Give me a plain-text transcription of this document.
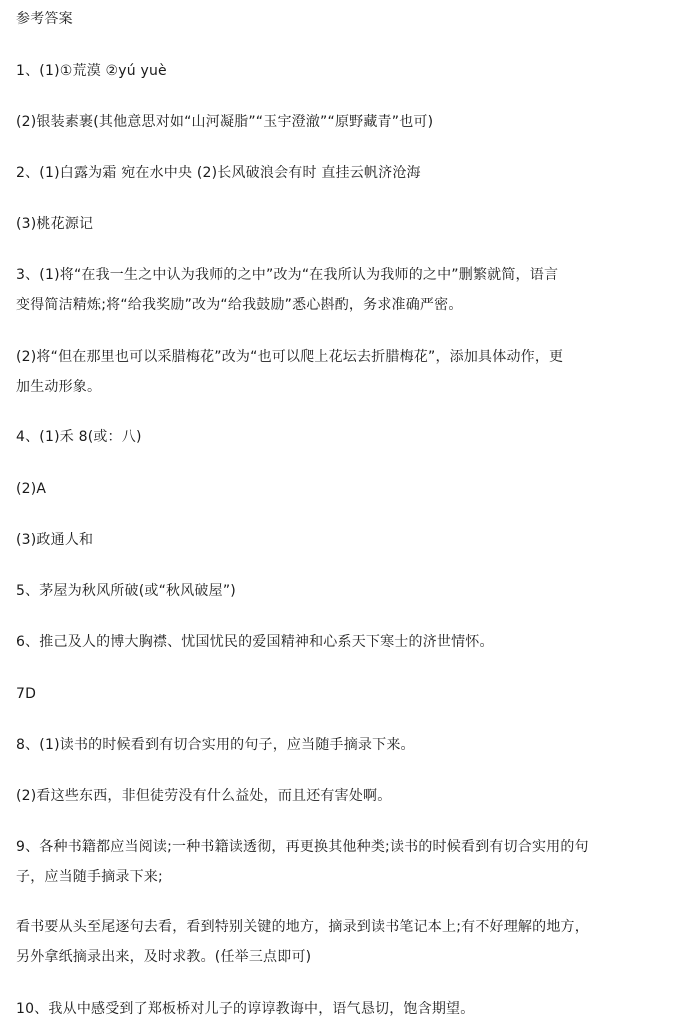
参考答案
1、(1)①荒漠 ②yú yuè
(2)银装素裹(其他意思对如“山河凝脂”“玉宇澄澈”“原野藏青”也可)
2、(1)白露为霜 宛在水中央 (2)长风破浪会有时 直挂云帆济沧海
(3)桃花源记
3、(1)将“在我一生之中认为我师的之中”改为“在我所认为我师的之中”删繁就简，语言
变得简洁精炼;将“给我奖励”改为“给我鼓励”悉心斟酌，务求准确严密。
(2)将“但在那里也可以采腊梅花”改为“也可以爬上花坛去折腊梅花”，添加具体动作，更
加生动形象。
4、(1)禾 8(或：八)
(2)A
(3)政通人和
5、茅屋为秋风所破(或“秋风破屋”)
6、推己及人的博大胸襟、忧国忧民的爱国精神和心系天下寒士的济世情怀。
7D
8、(1)读书的时候看到有切合实用的句子，应当随手摘录下来。
(2)看这些东西，非但徒劳没有什么益处，而且还有害处啊。
9、各种书籍都应当阅读;一种书籍读透彻，再更换其他种类;读书的时候看到有切合实用的句
子，应当随手摘录下来;
看书要从头至尾逐句去看，看到特别关键的地方，摘录到读书笔记本上;有不好理解的地方，
另外拿纸摘录出来，及时求教。(任举三点即可)
10、我从中感受到了郑板桥对儿子的谆谆教诲中，语气恳切，饱含期望。
